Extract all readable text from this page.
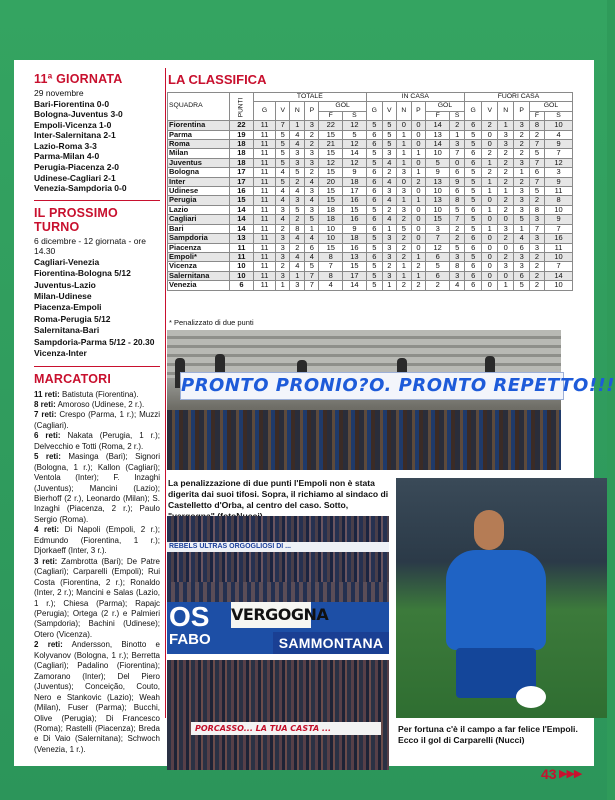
11ª GIORNATA
29 novembre
Bari-Fiorentina 0-0
Bologna-Juventus 3-0
Empoli-Vicenza 1-0
Inter-Salernitana 2-1
Lazio-Roma 3-3
Parma-Milan 4-0
Perugia-Piacenza 2-0
Udinese-Cagliari 2-1
Venezia-Sampdoria 0-0
IL PROSSIMO TURNO
6 dicembre - 12 giornata - ore 14.30
Cagliari-Venezia
Fiorentina-Bologna 5/12
Juventus-Lazio
Milan-Udinese
Piacenza-Empoli
Roma-Perugia 5/12
Salernitana-Bari
Sampdoria-Parma 5/12 - 20.30
Vicenza-Inter
MARCATORI
11 reti: Batistuta (Fiorentina).
8 reti: Amoroso (Udinese, 2 r.).
7 reti: Crespo (Parma, 1 r.); Muzzi (Cagliari).
6 reti: Nakata (Perugia, 1 r.); Delvecchio e Totti (Roma, 2 r.).
5 reti: Masinga (Bari); Signori (Bologna, 1 r.); Kallon (Cagliari); Ventola (Inter); F. Inzaghi (Juventus); Mancini (Lazio); Bierhoff (2 r.), Leonardo (Milan); S. Inzaghi (Piacenza, 2 r.); Paulo Sergio (Roma).
4 reti: Di Napoli (Empoli, 2 r.); Edmundo (Fiorentina, 1 r.); Djorkaeff (Inter, 3 r.).
3 reti: Zambrotta (Bari); De Patre (Cagliari); Carparelli (Empoli); Rui Costa (Fiorentina, 2 r.); Ronaldo (Inter, 2 r.); Mancini e Salas (Lazio, 1 r.); Chiesa (Parma); Rapajc (Perugia); Ortega (2 r.) e Palmieri (Sampdoria); Bachini (Udinese); Otero (Vicenza).
2 reti: Andersson, Binotto e Kolyvanov (Bologna, 1 r.); Berretta (Cagliari); Padalino (Fiorentina); Zamorano (Inter); Del Piero (Juventus); Conceição, Couto, Nero e Stankovic (Lazio); Weah (Milan), Fuser (Parma); Bucchi, Olive (Perugia); Di Francesco (Roma); Rastelli (Piacenza); Breda e Di Vaio (Salernitana); Schwoch (Venezia, 1 r.).
LA CLASSIFICA
SQUADRA	PUNTI	TOTALE						IN CASA						FUORI CASA					
		G	V	N	P	GOL		G	V	N	P	GOL		G	V	N	P	GOL	
						F	S					F	S					F	S
Fiorentina	22	11	7	1	3	22	12	5	5	0	0	14	2	6	2	1	3	8	10
Parma	19	11	5	4	2	15	5	6	5	1	0	13	1	5	0	3	2	2	4
Roma	18	11	5	4	2	21	12	6	5	1	0	14	3	5	0	3	2	7	9
Milan	18	11	5	3	3	15	14	5	3	1	1	10	7	6	2	2	2	5	7
Juventus	18	11	5	3	3	12	12	5	4	1	0	5	0	6	1	2	3	7	12
Bologna	17	11	4	5	2	15	9	6	2	3	1	9	6	5	2	2	1	6	3
Inter	17	11	5	2	4	20	18	6	4	0	2	13	9	5	1	2	2	7	9
Udinese	16	11	4	4	3	15	17	6	3	3	0	10	6	5	1	1	3	5	11
Perugia	15	11	4	3	4	15	16	6	4	1	1	13	8	5	0	2	3	2	8
Lazio	14	11	3	5	3	18	15	5	2	3	0	10	5	6	1	2	3	8	10
Cagliari	14	11	4	2	5	18	16	6	4	2	0	15	7	5	0	0	5	3	9
Bari	14	11	2	8	1	10	9	6	1	5	0	3	2	5	1	3	1	7	7
Sampdoria	13	11	3	4	4	10	18	5	3	2	0	7	2	6	0	2	4	3	16
Piacenza	11	11	3	2	6	15	16	5	3	2	0	12	5	6	0	0	6	3	11
Empoli*	11	11	3	4	4	8	13	6	3	2	1	6	3	5	0	2	3	2	10
Vicenza	10	11	2	4	5	7	15	5	2	1	2	5	8	6	0	3	3	2	7
Salernitana	10	11	3	1	7	8	17	5	3	1	1	6	3	6	0	0	6	2	14
Venezia	6	11	1	3	7	4	14	5	1	2	2	2	4	6	0	1	5	2	10
* Penalizzato di due punti
PRONTO PRONIO?O. PRONTO REPETTO!!!
La penalizzazione di due punti l'Empoli non è stata digerita dai suoi tifosi. Sopra, il richiamo al sindaco di Castelletto d'Orba, al centro del caso. Sotto,
REBELS ULTRAS ORGOGLIOSI DI ...
OS
FABO
VERGOGNA
SAMMONTANA
PORCASSO... LA TUA CASTA ...	Per fortuna c'è il campo a far felice l'Empoli. Ecco il gol di Carparelli (Nucci)
43 ▶▶▶
